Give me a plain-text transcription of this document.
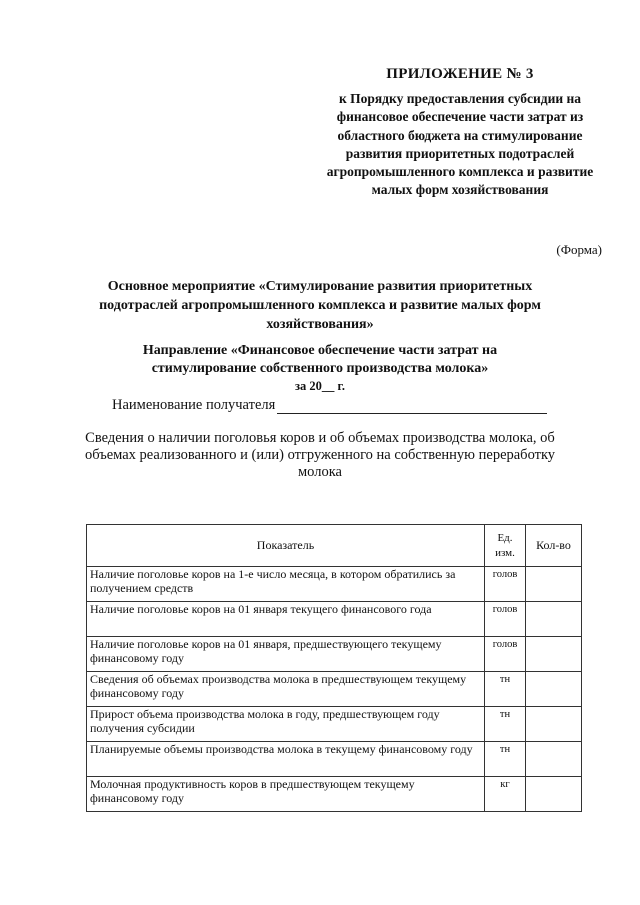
ПРИЛОЖЕНИЕ № 3
к Порядку предоставления субсидии на финансовое обеспечение части затрат из областного бюджета на стимулирование развития приоритетных подотраслей агропромышленного комплекса и развитие малых форм хозяйствования
(Форма)
Основное мероприятие «Стимулирование развития приоритетных подотраслей агропромышленного комплекса и развитие малых форм хозяйствования»
Направление «Финансовое обеспечение части затрат на стимулирование собственного производства молока»
за 20__ г.
Наименование получателя
Сведения о наличии поголовья коров и об объемах производства молока, об объемах реализованного и (или) отгруженного на собственную переработку молока
Показатель	Ед. изм.	Кол-во
Наличие поголовье коров на 1-е число месяца, в котором обратились за получением средств	голов	
Наличие поголовье коров на 01 января текущего финансового года	голов	
Наличие поголовье коров на 01 января, предшествующего текущему финансовому году	голов	
Сведения об объемах производства молока в предшествующем текущему финансовому году	тн	
Прирост объема производства молока в году, предшествующем году получения субсидии	тн	
Планируемые объемы производства молока в текущему финансовому году	тн	
Молочная продуктивность коров в предшествующем текущему финансовому году	кг	
